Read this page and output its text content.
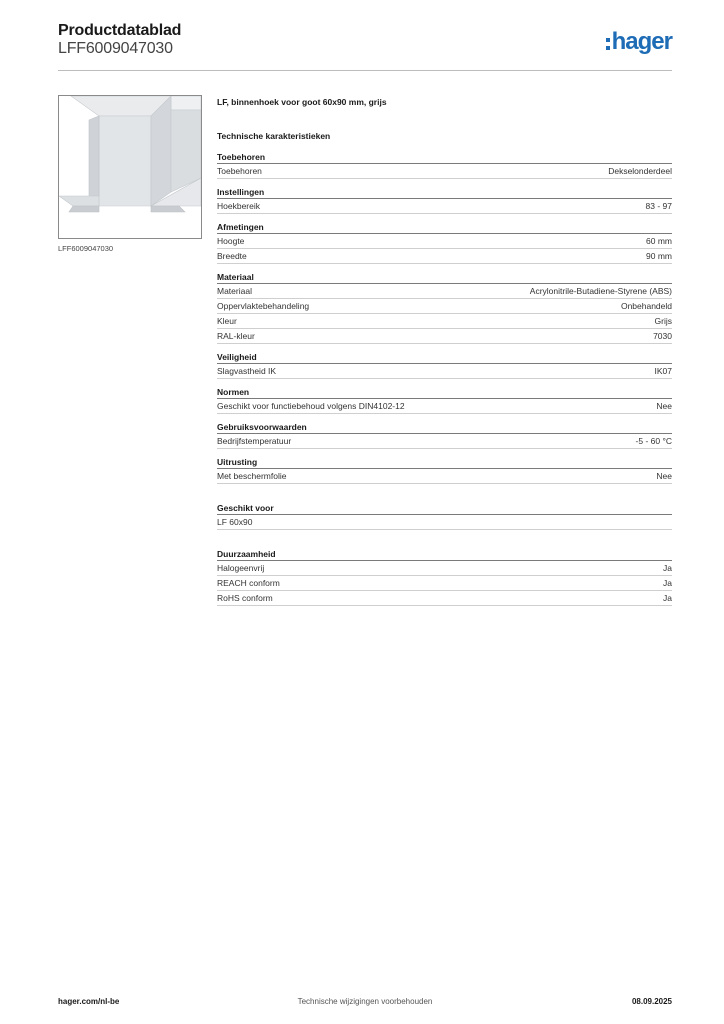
Productdatablad
LFF6009047030	hager
LFF6009047030
LF, binnenhoek voor goot 60x90 mm, grijs
Technische karakteristieken
Toebehoren
Toebehoren	Dekselonderdeel
Instellingen
Hoekbereik	83 - 97
Afmetingen
Hoogte	60 mm
Breedte	90 mm
Materiaal
Materiaal	Acrylonitrile-Butadiene-Styrene (ABS)
Oppervlaktebehandeling	Onbehandeld
Kleur	Grijs
RAL-kleur	7030
Veiligheid
Slagvastheid IK	IK07
Normen
Geschikt voor functiebehoud volgens DIN4102-12	Nee
Gebruiksvoorwaarden
Bedrijfstemperatuur	-5 - 60 °C
Uitrusting
Met beschermfolie	Nee
Geschikt voor
LF 60x90
Duurzaamheid
Halogeenvrij	Ja
REACH conform	Ja
RoHS conform	Ja
hager.com/nl-be	Technische wijzigingen voorbehouden	08.09.2025
